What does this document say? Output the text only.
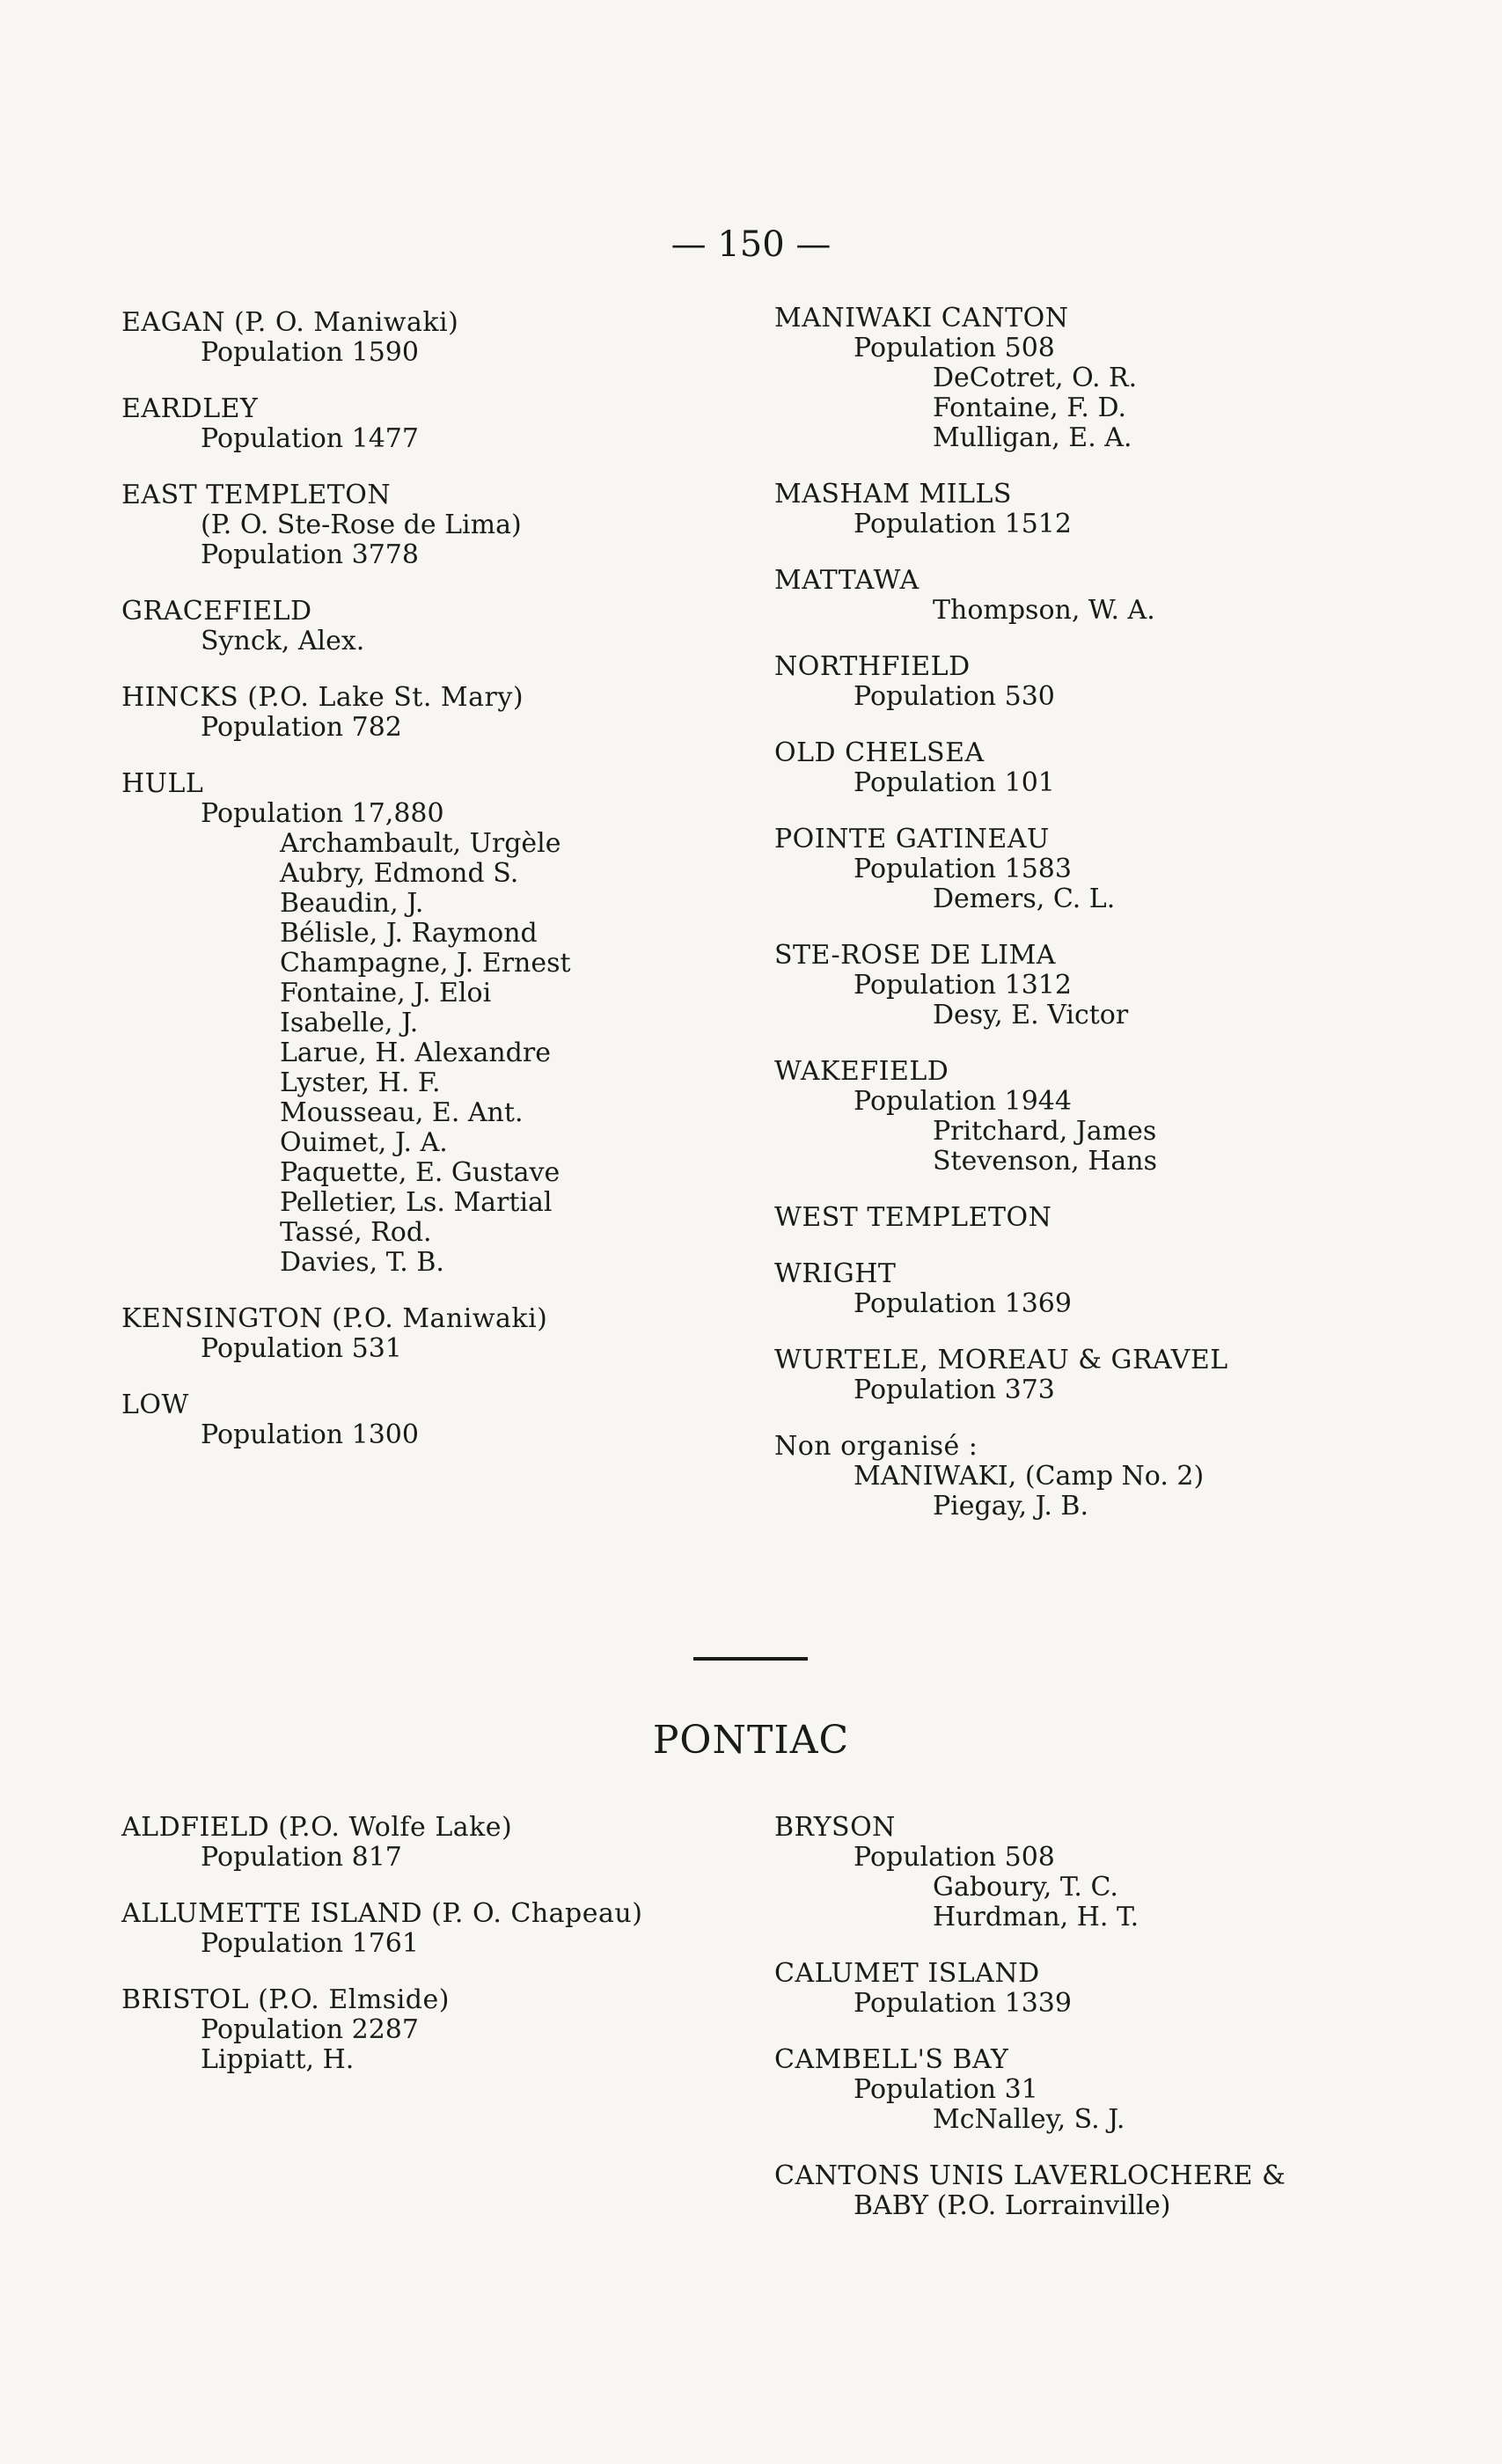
— 150 —
EAGAN (P. O. Maniwaki)
Population 1590
EARDLEY
Population 1477
EAST TEMPLETON
(P. O. Ste-Rose de Lima)
Population 3778
GRACEFIELD
Synck, Alex.
HINCKS (P.O. Lake St. Mary)
Population 782
HULL
Population 17,880
Archambault, Urgèle
Aubry, Edmond S.
Beaudin, J.
Bélisle, J. Raymond
Champagne, J. Ernest
Fontaine, J. Eloi
Isabelle, J.
Larue, H. Alexandre
Lyster, H. F.
Mousseau, E. Ant.
Ouimet, J. A.
Paquette, E. Gustave
Pelletier, Ls. Martial
Tassé, Rod.
Davies, T. B.
KENSINGTON (P.O. Maniwaki)
Population 531
LOW
Population 1300
MANIWAKI CANTON
Population 508
DeCotret, O. R.
Fontaine, F. D.
Mulligan, E. A.
MASHAM MILLS
Population 1512
MATTAWA
Thompson, W. A.
NORTHFIELD
Population 530
OLD CHELSEA
Population 101
POINTE GATINEAU
Population 1583
Demers, C. L.
STE-ROSE DE LIMA
Population 1312
Desy, E. Victor
WAKEFIELD
Population 1944
Pritchard, James
Stevenson, Hans
WEST TEMPLETON
WRIGHT
Population 1369
WURTELE, MOREAU & GRAVEL
Population 373
Non organisé :
MANIWAKI, (Camp No. 2)
Piegay, J. B.
PONTIAC
ALDFIELD (P.O. Wolfe Lake)
Population 817
ALLUMETTE ISLAND (P. O. Chapeau)
Population 1761
BRISTOL (P.O. Elmside)
Population 2287
Lippiatt, H.
BRYSON
Population 508
Gaboury, T. C.
Hurdman, H. T.
CALUMET ISLAND
Population 1339
CAMBELL'S BAY
Population 31
McNalley, S. J.
CANTONS UNIS LAVERLOCHERE &
BABY (P.O. Lorrainville)
